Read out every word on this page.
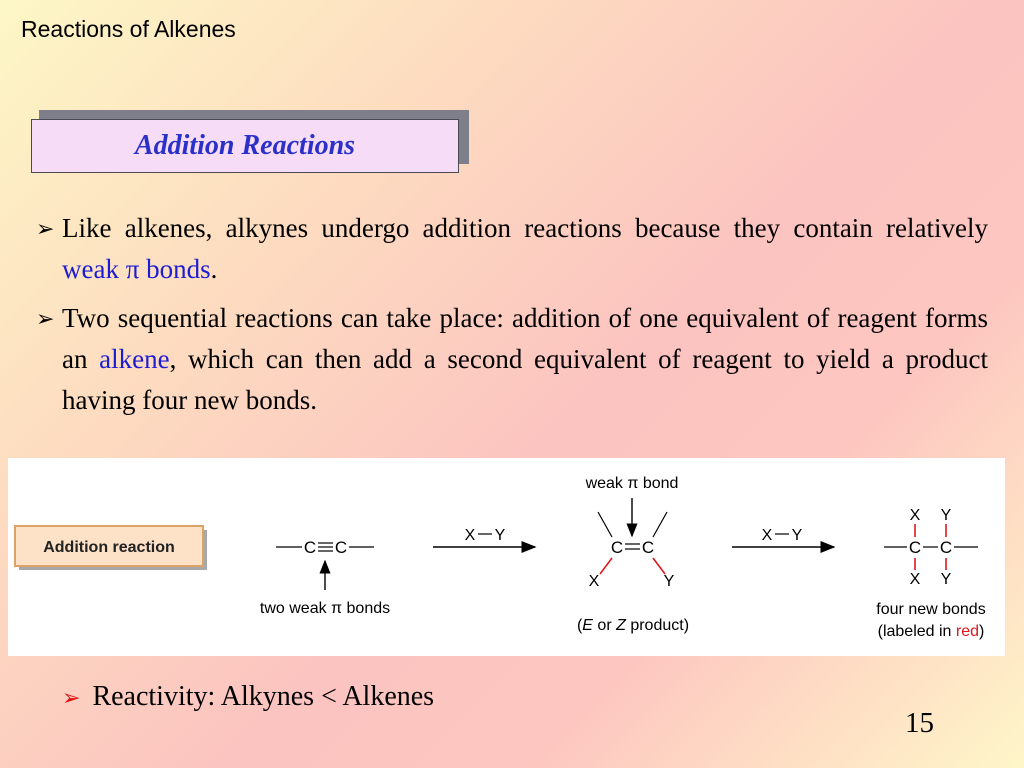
Reactions of Alkenes
Addition Reactions
➢ Like alkenes, alkynes undergo addition reactions because they contain relatively weak π bonds.
➢ Two sequential reactions can take place: addition of one equivalent of reagent forms an alkene, which can then add a second equivalent of reagent to yield a product having four new bonds.
Addition reaction	C C
two weak π bonds
X Y
weak π bond
C C
X	Y
(E or Z product)
X Y
X Y
C C
X Y
four new bonds
(labeled in red)
➢ Reactivity: Alkynes < Alkenes
15
